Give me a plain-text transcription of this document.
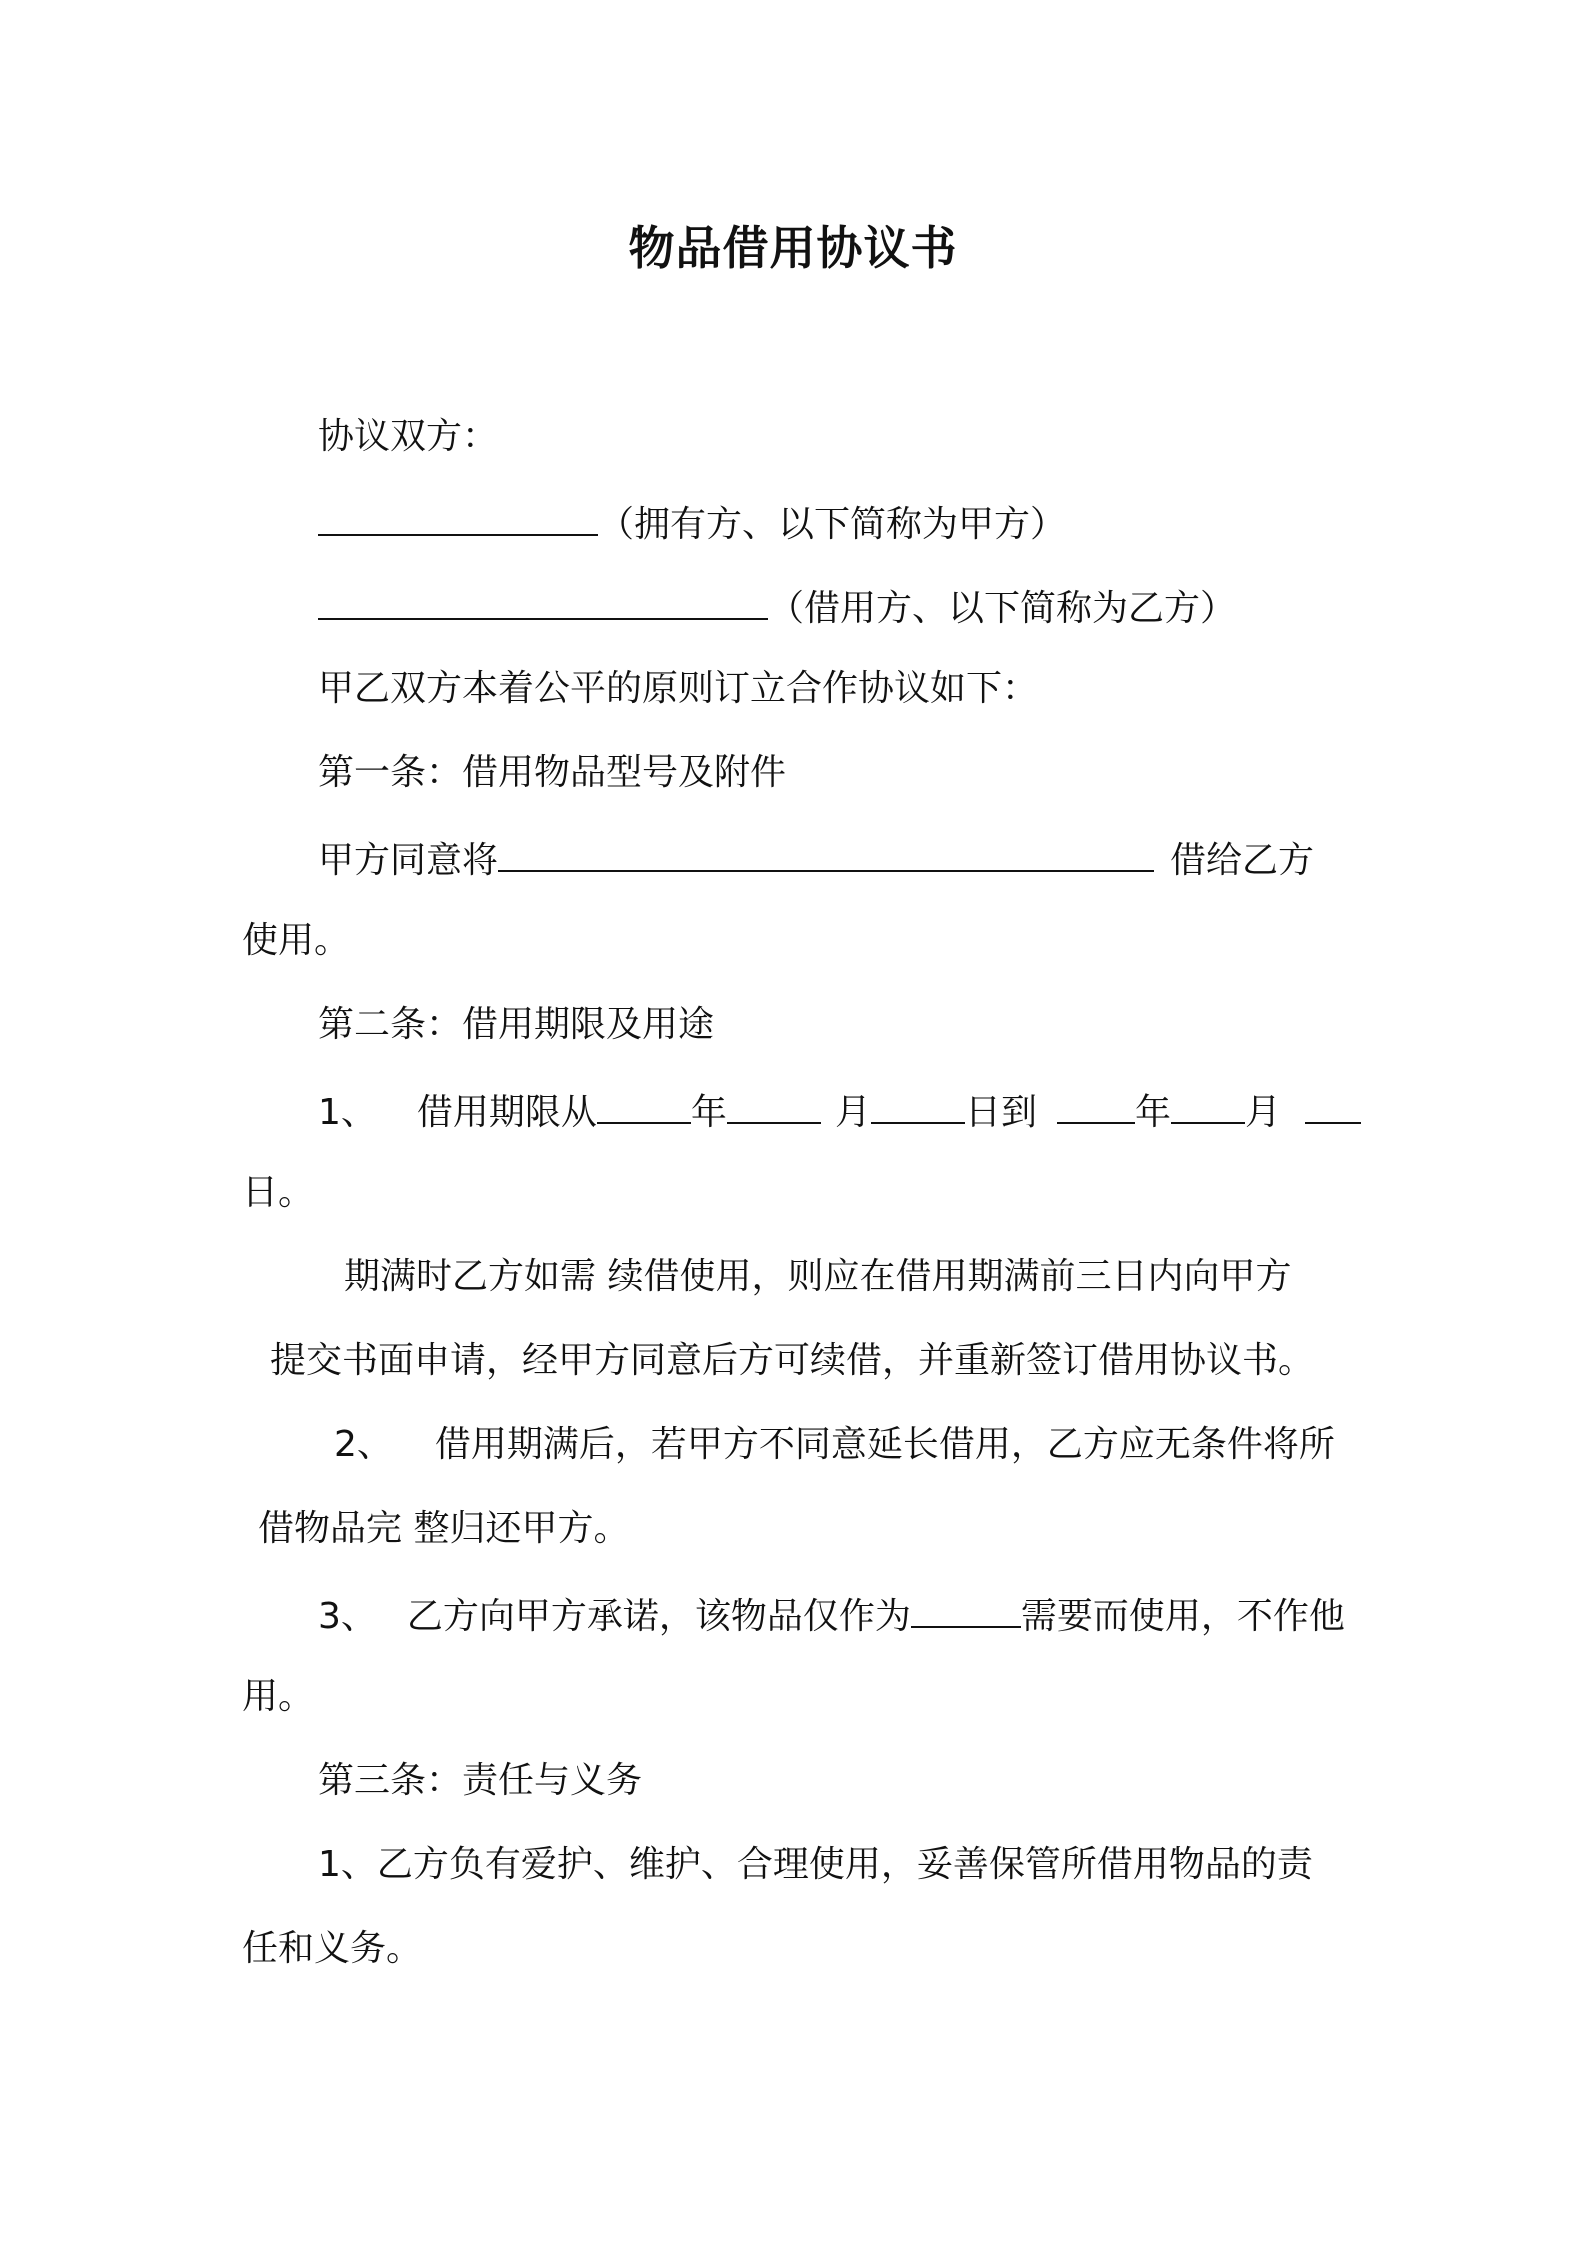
物品借用协议书
协议双方：
（拥有方、以下简称为甲方）
（借用方、以下简称为乙方）
甲乙双方本着公平的原则订立合作协议如下：
第一条：借用物品型号及附件
甲方同意将	借给乙方
使用。
第二条：借用期限及用途
1、 借用期限从	年	月	日到	年 月
日。
期满时乙方如需 续借使用，则应在借用期满前三日内向甲方
提交书面申请，经甲方同意后方可续借，并重新签订借用协议书。
2、 借用期满后，若甲方不同意延长借用，乙方应无条件将所
借物品完 整归还甲方。
3、 乙方向甲方承诺，该物品仅作为	需要而使用，不作他
用。
第三条：责任与义务
1、乙方负有爱护、维护、合理使用，妥善保管所借用物品的责
任和义务。
